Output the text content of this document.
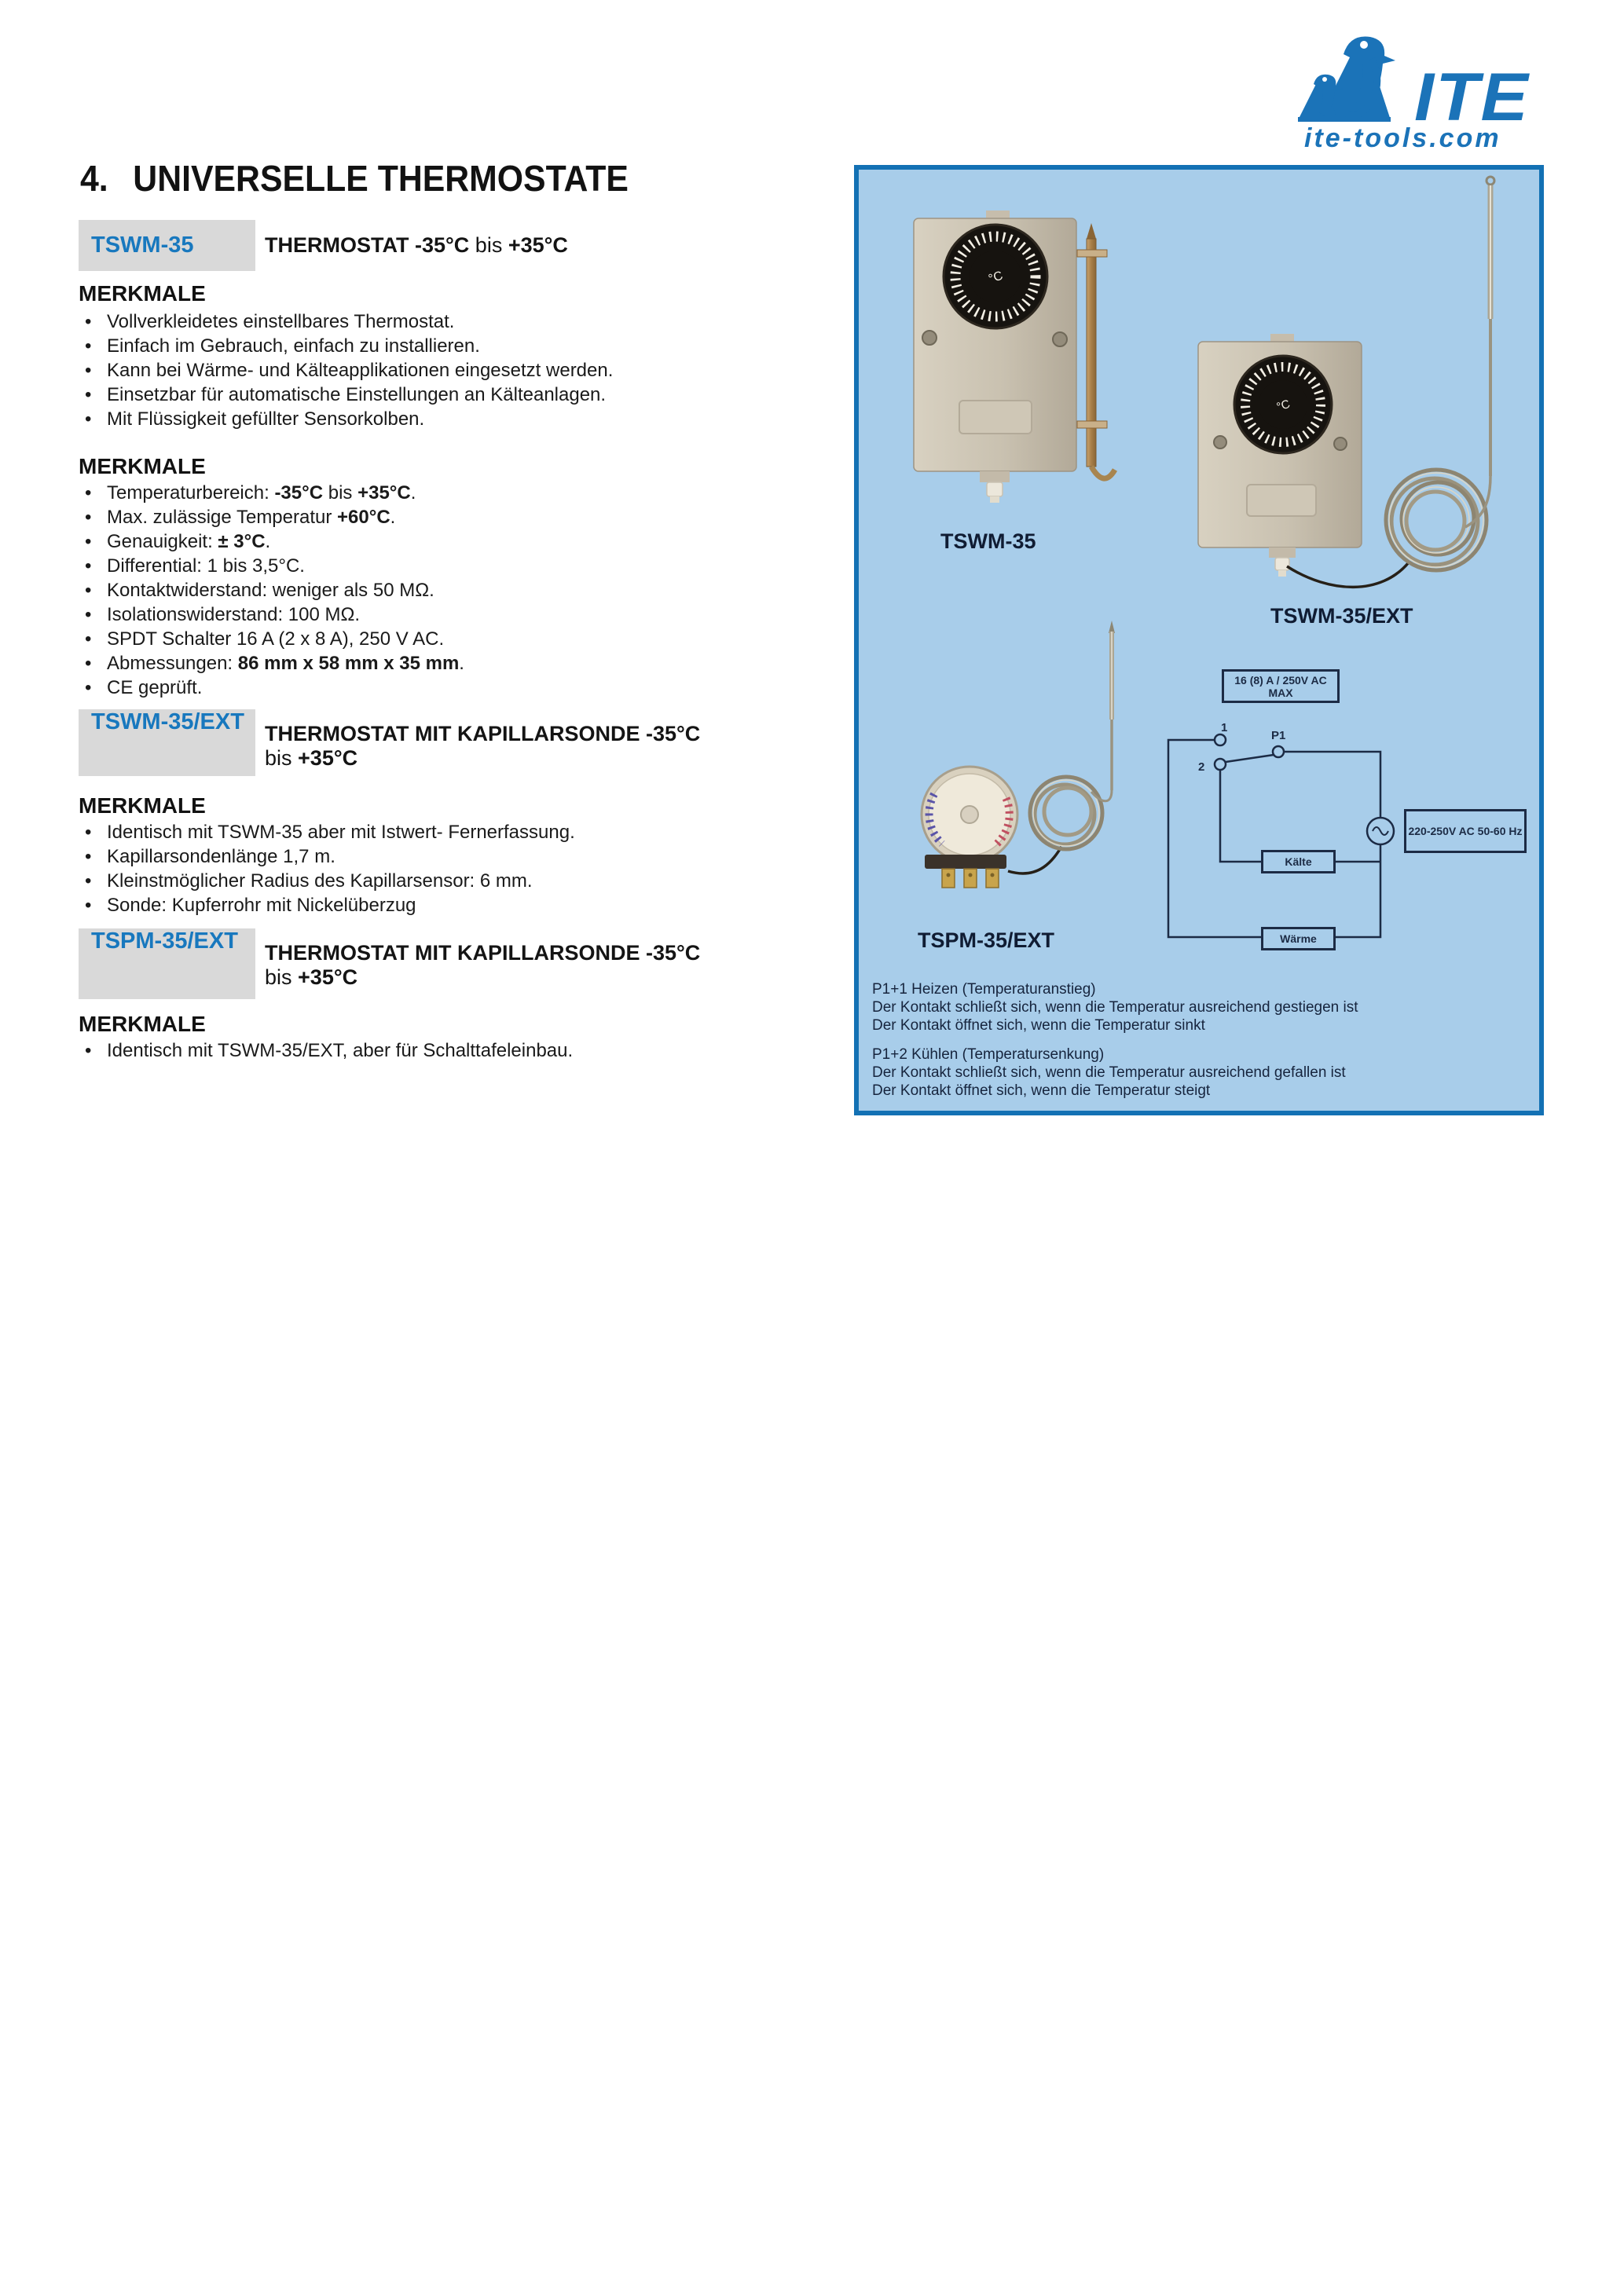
ITE
ite-tools.com
4. UNIVERSELLE THERMOSTATE
TSWM-35	THERMOSTAT -35°C bis +35°C
MERKMALE
• Vollverkleidetes einstellbares Thermostat.
• Einfach im Gebrauch, einfach zu installieren.
• Kann bei Wärme- und Kälteapplikationen eingesetzt werden.
• Einsetzbar für automatische Einstellungen an Kälteanlagen.
• Mit Flüssigkeit gefüllter Sensorkolben.
MERKMALE
• Temperaturbereich: -35°C bis +35°C.
• Max. zulässige Temperatur +60°C.
• Genauigkeit: ± 3°C.
• Differential: 1 bis 3,5°C.
• Kontaktwiderstand: weniger als 50 MΩ.
• Isolationswiderstand: 100 MΩ.
• SPDT Schalter 16 A (2 x 8 A), 250 V AC.
• Abmessungen: 86 mm x 58 mm x 35 mm.
• CE geprüft.
TSWM-35/EXT THERMOSTAT MIT KAPILLARSONDE -35°C
bis +35°C
MERKMALE
• Identisch mit TSWM-35 aber mit Istwert- Fernerfassung.
• Kapillarsondenlänge 1,7 m.
• Kleinstmöglicher Radius des Kapillarsensor: 6 mm.
• Sonde: Kupferrohr mit Nickelüberzug
TSPM-35/EXT	THERMOSTAT MIT KAPILLARSONDE -35°C
bis +35°C
MERKMALE
• Identisch mit TSWM-35/EXT, aber für Schalttafeleinbau.
°C
°C
TSWM-35
TSWM-35/EXT
TSPM-35/EXT
16 (8) A / 250V AC MAX
1
P1
2
Kälte
Wärme
220-250V AC 50-60 Hz
P1+1 Heizen (Temperaturanstieg)
Der Kontakt schließt sich, wenn die Temperatur ausreichend gestiegen ist
Der Kontakt öffnet sich, wenn die Temperatur sinkt
P1+2 Kühlen (Temperatursenkung)
Der Kontakt schließt sich, wenn die Temperatur ausreichend gefallen ist
Der Kontakt öffnet sich, wenn die Temperatur steigt
